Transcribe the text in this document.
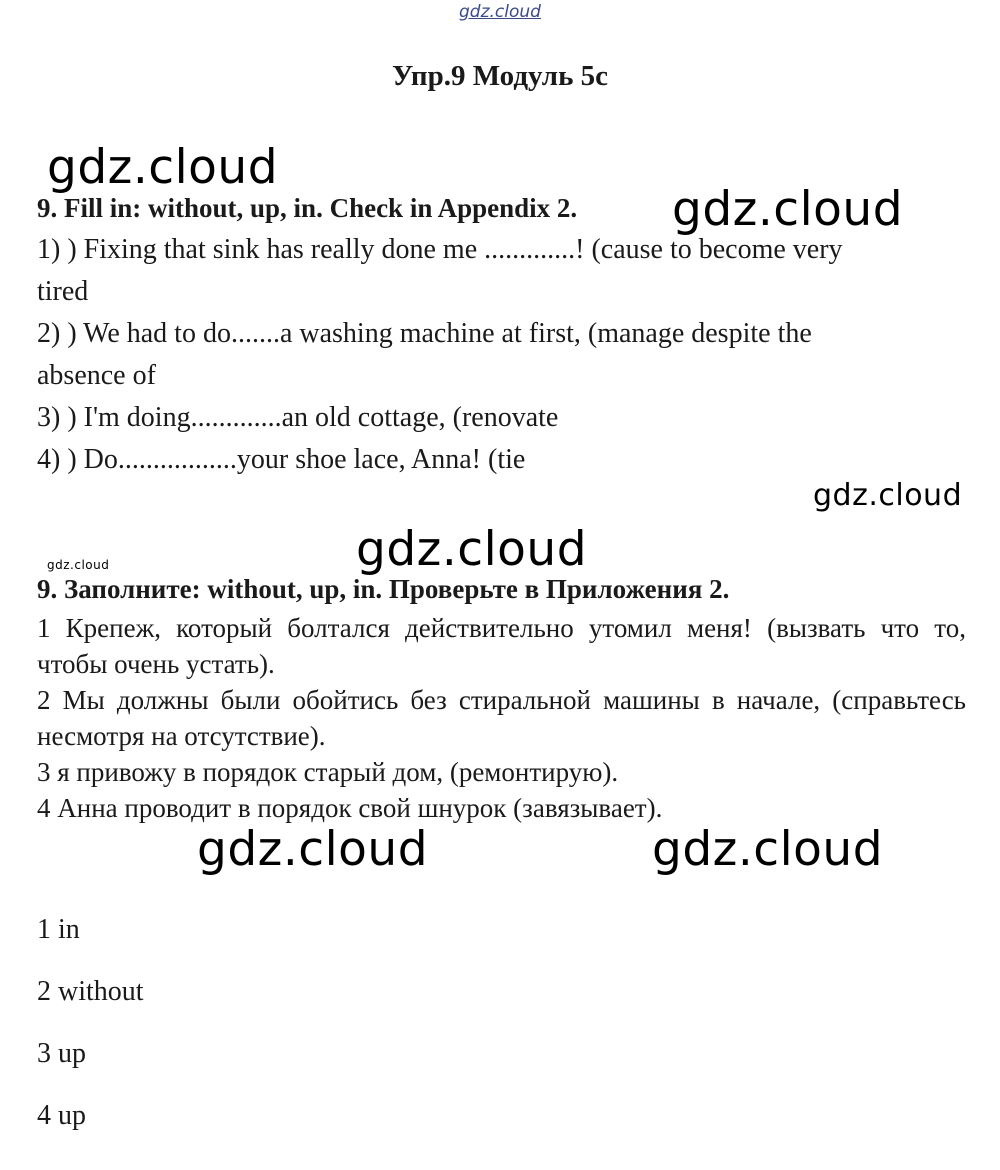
gdz.cloud
Упр.9 Модуль 5с
gdz.cloud
gdz.cloud
9. Fill in: without, up, in. Check in Appendix 2.
1) ) Fixing that sink has really done me .............! (cause to become very
tired
2) ) We had to do.......a washing machine at first, (manage despite the
absence of
3) ) I'm doing.............an old cottage, (renovate
4) ) Do.................your shoe lace, Anna! (tie
gdz.cloud
gdz.cloud	gdz.cloud
9. Заполните: without, up, in. Проверьте в Приложения 2.

1 Крепеж, который болтался действительно утомил меня! (вызвать что то, чтобы очень устать).

2 Мы должны были обойтись без стиральной машины в начале, (справьтесь несмотря на отсутствие).

3 я привожу в порядок старый дом, (ремонтирую).

4 Анна проводит в порядок свой шнурок (завязывает).

gdz.cloud	gdz.cloud
1 in
2 without
3 up
4 up
